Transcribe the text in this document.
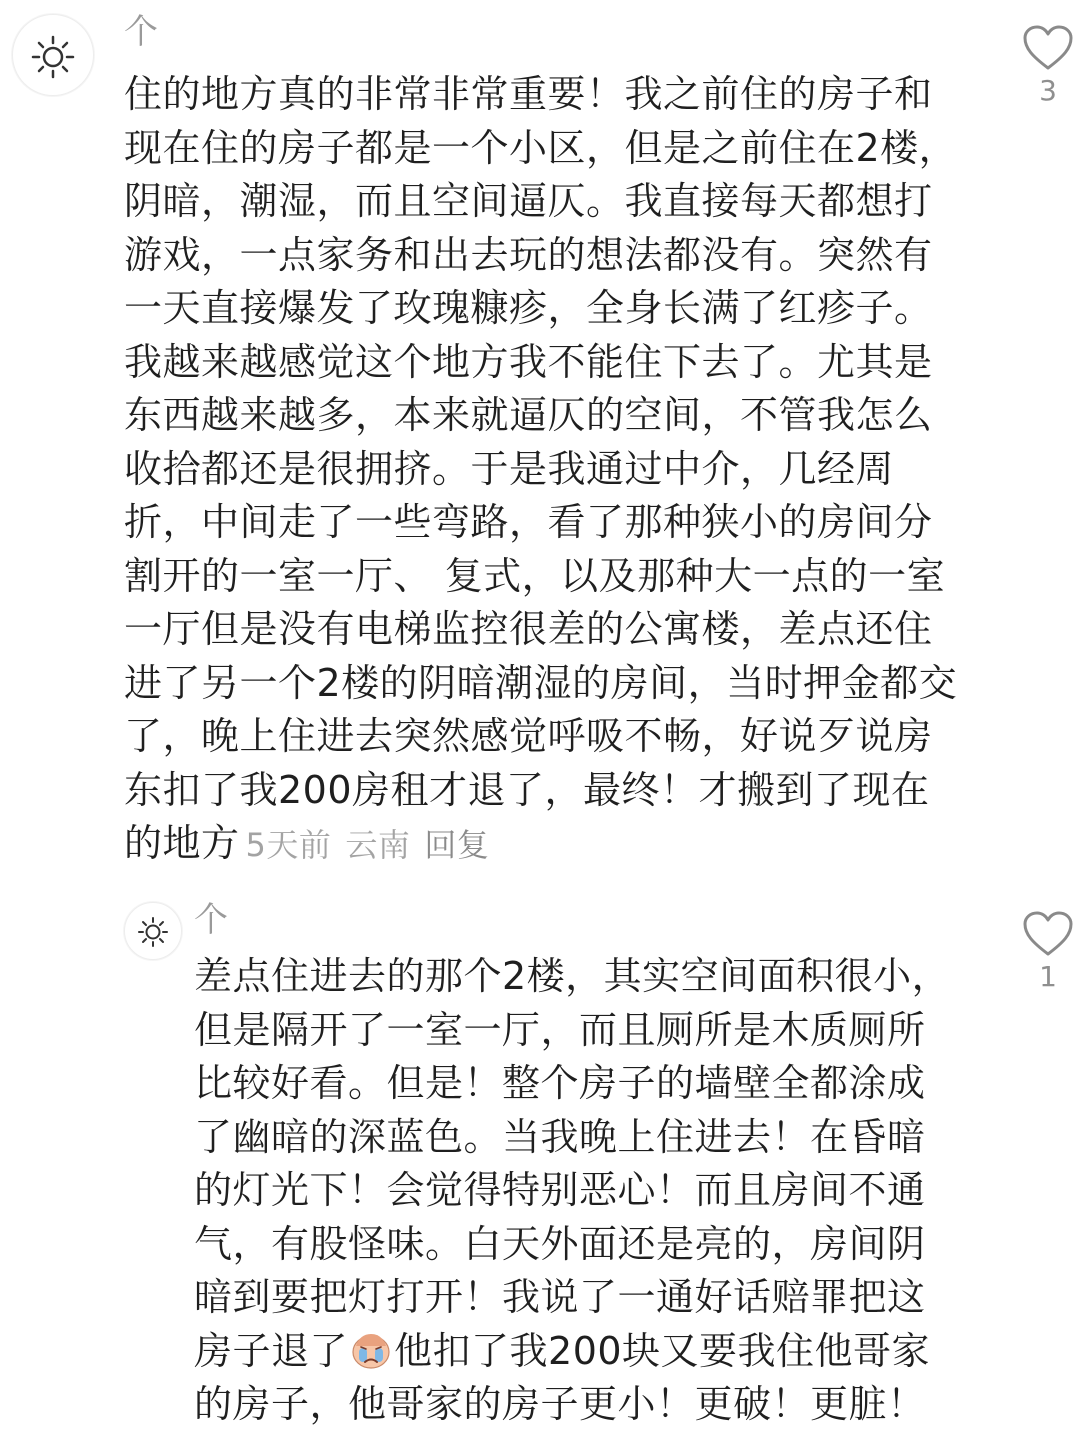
个
住的地方真的非常非常重要！我之前住的房子和现在住的房子都是一个小区，但是之前住在2楼，阴暗，潮湿，而且空间逼仄。我直接每天都想打游戏，一点家务和出去玩的想法都没有。突然有一天直接爆发了玫瑰糠疹，全身长满了红疹子。我越来越感觉这个地方我不能住下去了。尤其是东西越来越多，本来就逼仄的空间，不管我怎么收拾都还是很拥挤。于是我通过中介，几经周折，中间走了一些弯路，看了那种狭小的房间分割开的一室一厅、 复式，以及那种大一点的一室一厅但是没有电梯监控很差的公寓楼，差点还住进了另一个2楼的阴暗潮湿的房间，当时押金都交了，晚上住进去突然感觉呼吸不畅，好说歹说房东扣了我200房租才退了，最终！才搬到了现在的地方 5天前 云南 回复
3
个
差点住进去的那个2楼，其实空间面积很小，但是隔开了一室一厅，而且厕所是木质厕所比较好看。但是！整个房子的墙壁全都涂成了幽暗的深蓝色。当我晚上住进去！在昏暗的灯光下！会觉得特别恶心！而且房间不通气，有股怪味。白天外面还是亮的，房间阴暗到要把灯打开！我说了一通好话赔罪把这房子退了 他扣了我200块又要我住他哥家的房子，他哥家的房子更小！更破！更脏！
1
